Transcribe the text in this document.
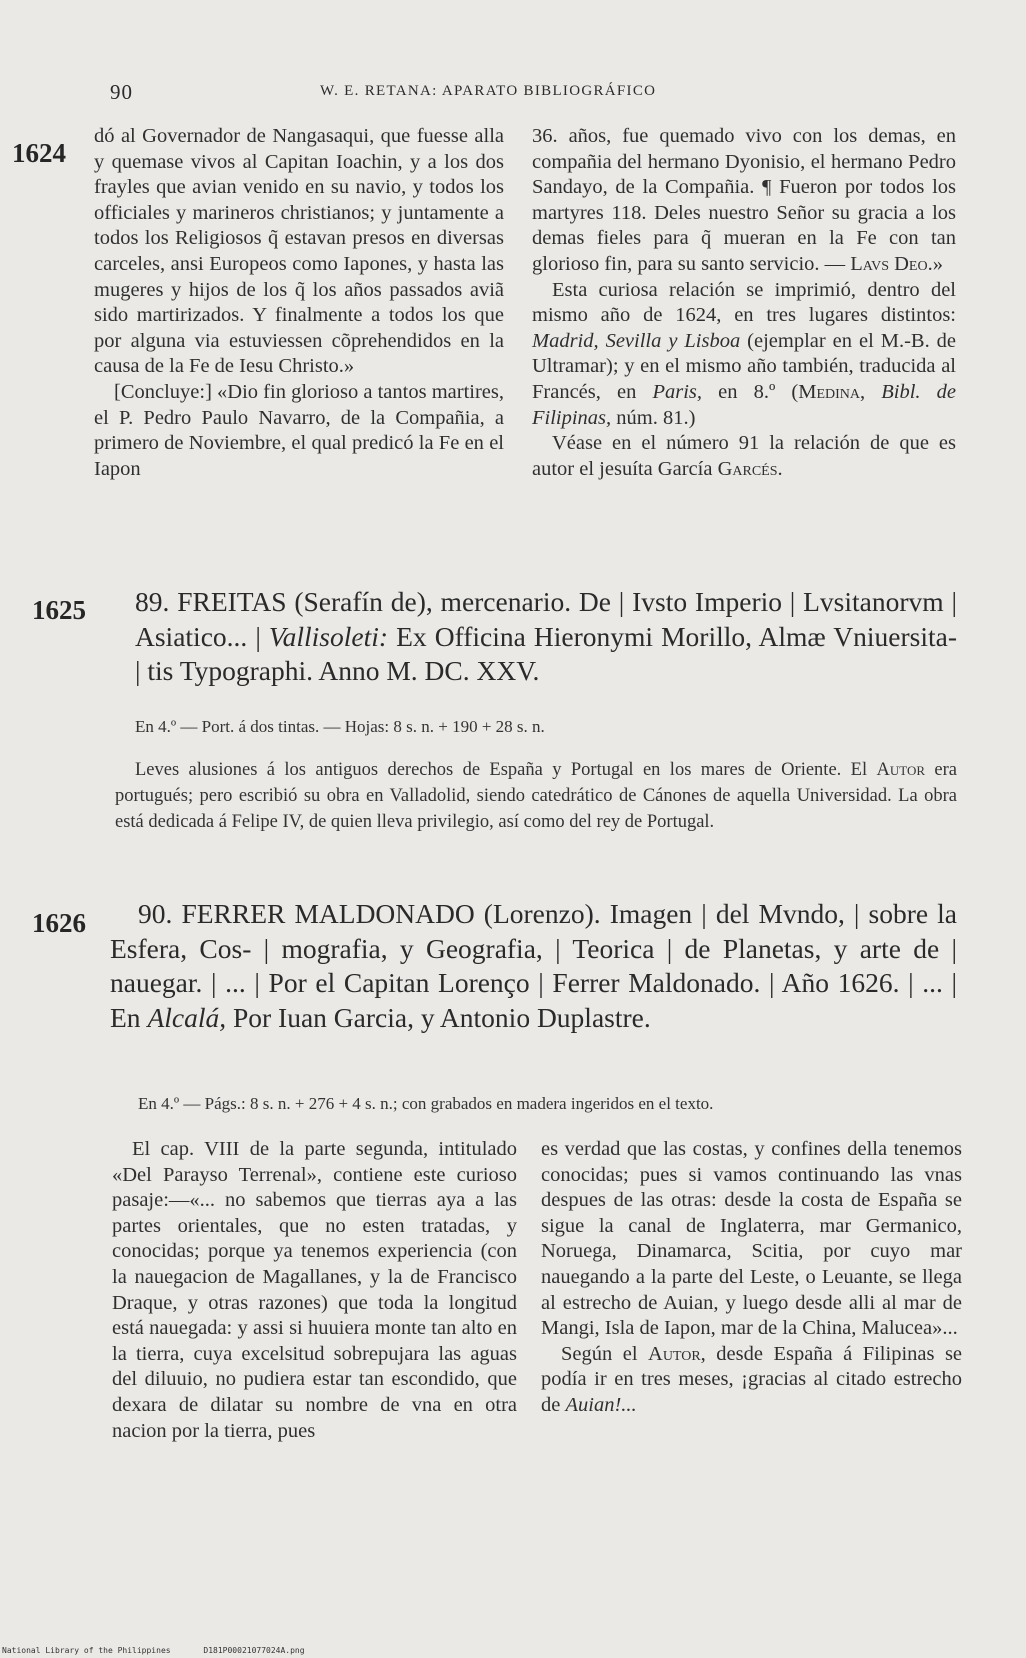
90	W. E. RETANA: APARATO BIBLIOGRÁFICO
1624

dó al Governador de Nangasaqui, que fuesse alla y quemase vivos al Capitan Ioachin, y a los dos frayles que avian venido en su navio, y todos los officiales y marineros christianos; y juntamente a todos los Religiosos q̃ estavan presos en diversas carceles, ansi Europeos como Iapones, y hasta las mugeres y hijos de los q̃ los años passados aviã sido martirizados. Y finalmente a todos los que por alguna via estuviessen cõprehendidos en la causa de la Fe de Iesu Christo.»

[Concluye:] «Dio fin glorioso a tantos martires, el P. Pedro Paulo Navarro, de la Compañia, a primero de Noviembre, el qual predicó la Fe en el Iapon

36. años, fue quemado vivo con los demas, en compañia del hermano Dyonisio, el hermano Pedro Sandayo, de la Compañia. ¶ Fueron por todos los martyres 118. Deles nuestro Señor su gracia a los demas fieles para q̃ mueran en la Fe con tan glorioso fin, para su santo servicio. — Lavs Deo.»

Esta curiosa relación se imprimió, dentro del mismo año de 1624, en tres lugares distintos: Madrid, Sevilla y Lisboa (ejemplar en el M.-B. de Ultramar); y en el mismo año también, traducida al Francés, en Paris, en 8.º (Medina, Bibl. de Filipinas, núm. 81.)

Véase en el número 91 la relación de que es autor el jesuíta García Garcés.

1625 89. FREITAS (Serafín de), mercenario. De | Ivsto Imperio | Lvsitanorvm | Asiatico... | Vallisoleti: Ex Officina Hieronymi Morillo, Almæ Vniuersita- | tis Typographi. Anno M. DC. XXV.
En 4.º — Port. á dos tintas. — Hojas: 8 s. n. + 190 + 28 s. n.
Leves alusiones á los antiguos derechos de España y Portugal en los mares de Oriente. El Autor era portugués; pero escribió su obra en Valladolid, siendo catedrático de Cánones de aquella Universidad. La obra está dedicada á Felipe IV, de quien lleva privilegio, así como del rey de Portugal.
1626	90. FERRER MALDONADO (Lorenzo). Imagen | del Mvndo, | sobre la Esfera, Cos- | mografia, y Geografia, | Teorica | de Planetas, y arte de | nauegar. | ... | Por el Capitan Lorenço | Ferrer Maldonado. | Año 1626. | ... | En Alcalá, Por Iuan Garcia, y Antonio Duplastre.
En 4.º — Págs.: 8 s. n. + 276 + 4 s. n.; con grabados en madera ingeridos en el texto.

El cap. VIII de la parte segunda, intitulado «Del Parayso Terrenal», contiene este curioso pasaje:—«... no sabemos que tierras aya a las partes orientales, que no esten tratadas, y conocidas; porque ya tenemos experiencia (con la nauegacion de Magallanes, y la de Francisco Draque, y otras razones) que toda la longitud está nauegada: y assi si huuiera monte tan alto en la tierra, cuya excelsitud sobrepujara las aguas del diluuio, no pudiera estar tan escondido, que dexara de dilatar su nombre de vna en otra nacion por la tierra, pues

es verdad que las costas, y confines della tenemos conocidas; pues si vamos continuando las vnas despues de las otras: desde la costa de España se sigue la canal de Inglaterra, mar Germanico, Noruega, Dinamarca, Scitia, por cuyo mar nauegando a la parte del Leste, o Leuante, se llega al estrecho de Auian, y luego desde alli al mar de Mangi, Isla de Iapon, mar de la China, Malucea»...

Según el Autor, desde España á Filipinas se podía ir en tres meses, ¡gracias al citado estrecho de Auian!...

National Library of the Philippines	D181P00021077024A.png
